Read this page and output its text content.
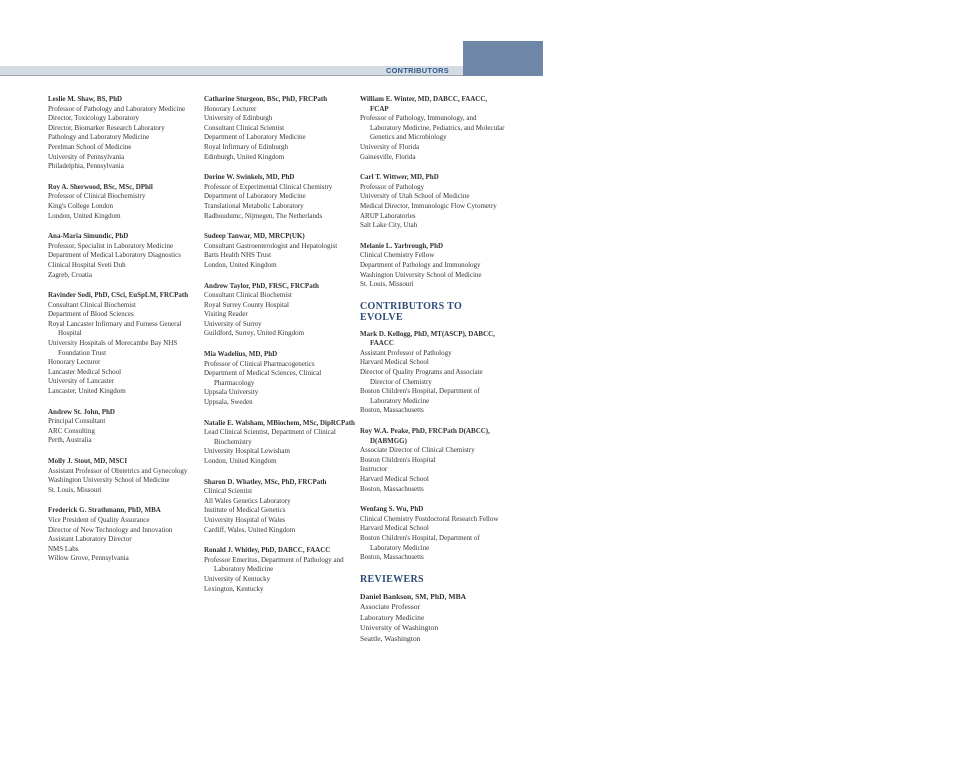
CONTRIBUTORS
xi
Leslie M. Shaw, BS, PhD
Professor of Pathology and Laboratory Medicine
Director, Toxicology Laboratory
Director, Biomarker Research Laboratory
Pathology and Laboratory Medicine
Perelman School of Medicine
University of Pennsylvania
Philadelphia, Pennsylvania
Roy A. Sherwood, BSc, MSc, DPhil
Professor of Clinical Biochemistry
King's College London
London, United Kingdom
Ana-Maria Simundic, PhD
Professor, Specialist in Laboratory Medicine
Department of Medical Laboratory Diagnostics
Clinical Hospital Sveti Duh
Zagreb, Croatia
Ravinder Sodi, PhD, CSci, EuSpLM, FRCPath
Consultant Clinical Biochemist
Department of Blood Sciences
Royal Lancaster Infirmary and Furness General Hospital
University Hospitals of Morecambe Bay NHS Foundation Trust
Honorary Lecturer
Lancaster Medical School
University of Lancaster
Lancaster, United Kingdom
Andrew St. John, PhD
Principal Consultant
ARC Consulting
Perth, Australia
Molly J. Stout, MD, MSCI
Assistant Professor of Obstetrics and Gynecology
Washington University School of Medicine
St. Louis, Missouri
Frederick G. Strathmann, PhD, MBA
Vice President of Quality Assurance
Director of New Technology and Innovation
Assistant Laboratory Director
NMS Labs
Willow Grove, Pennsylvania
Catharine Sturgeon, BSc, PhD, FRCPath
Honorary Lecturer
University of Edinburgh
Consultant Clinical Scientist
Department of Laboratory Medicine
Royal Infirmary of Edinburgh
Edinburgh, United Kingdom
Dorine W. Swinkels, MD, PhD
Professor of Experimental Clinical Chemistry
Department of Laboratory Medicine
Translational Metabolic Laboratory
Radboudumc, Nijmegen, The Netherlands
Sudeep Tanwar, MD, MRCP(UK)
Consultant Gastroenterologist and Hepatologist
Barts Health NHS Trust
London, United Kingdom
Andrew Taylor, PhD, FRSC, FRCPath
Consultant Clinical Biochemist
Royal Surrey County Hospital
Visiting Reader
University of Surrey
Guildford, Surrey, United Kingdom
Mia Wadelius, MD, PhD
Professor of Clinical Pharmacogenetics
Department of Medical Sciences, Clinical Pharmacology
Uppsala University
Uppsala, Sweden
Natalie E. Walsham, MBiochem, MSc, DipRCPath
Lead Clinical Scientist, Department of Clinical Biochemistry
University Hospital Lewisham
London, United Kingdom
Sharon D. Whatley, MSc, PhD, FRCPath
Clinical Scientist
All Wales Genetics Laboratory
Institute of Medical Genetics
University Hospital of Wales
Cardiff, Wales, United Kingdom
Ronald J. Whitley, PhD, DABCC, FAACC
Professor Emeritus, Department of Pathology and Laboratory Medicine
University of Kentucky
Lexington, Kentucky
William E. Winter, MD, DABCC, FAACC, FCAP
Professor of Pathology, Immunology, and Laboratory Medicine, Pediatrics, and Molecular Genetics and Microbiology
University of Florida
Gainesville, Florida
Carl T. Wittwer, MD, PhD
Professor of Pathology
University of Utah School of Medicine
Medical Director, Immunologic Flow Cytometry
ARUP Laboratories
Salt Lake City, Utah
Melanie L. Yarbrough, PhD
Clinical Chemistry Fellow
Department of Pathology and Immunology
Washington University School of Medicine
St. Louis, Missouri
CONTRIBUTORS TO EVOLVE
Mark D. Kellogg, PhD, MT(ASCP), DABCC, FAACC
Assistant Professor of Pathology
Harvard Medical School
Director of Quality Programs and Associate Director of Chemistry
Boston Children's Hospital, Department of Laboratory Medicine
Boston, Massachusetts
Roy W.A. Peake, PhD, FRCPath D(ABCC), D(ABMGG)
Associate Director of Clinical Chemistry
Boston Children's Hospital
Instructor
Harvard Medical School
Boston, Massachusetts
Wenfang S. Wu, PhD
Clinical Chemistry Postdoctoral Research Fellow
Harvard Medical School
Boston Children's Hospital, Department of Laboratory Medicine
Boston, Massachusetts
REVIEWERS
Daniel Bankson, SM, PhD, MBA
Associate Professor
Laboratory Medicine
University of Washington
Seattle, Washington
